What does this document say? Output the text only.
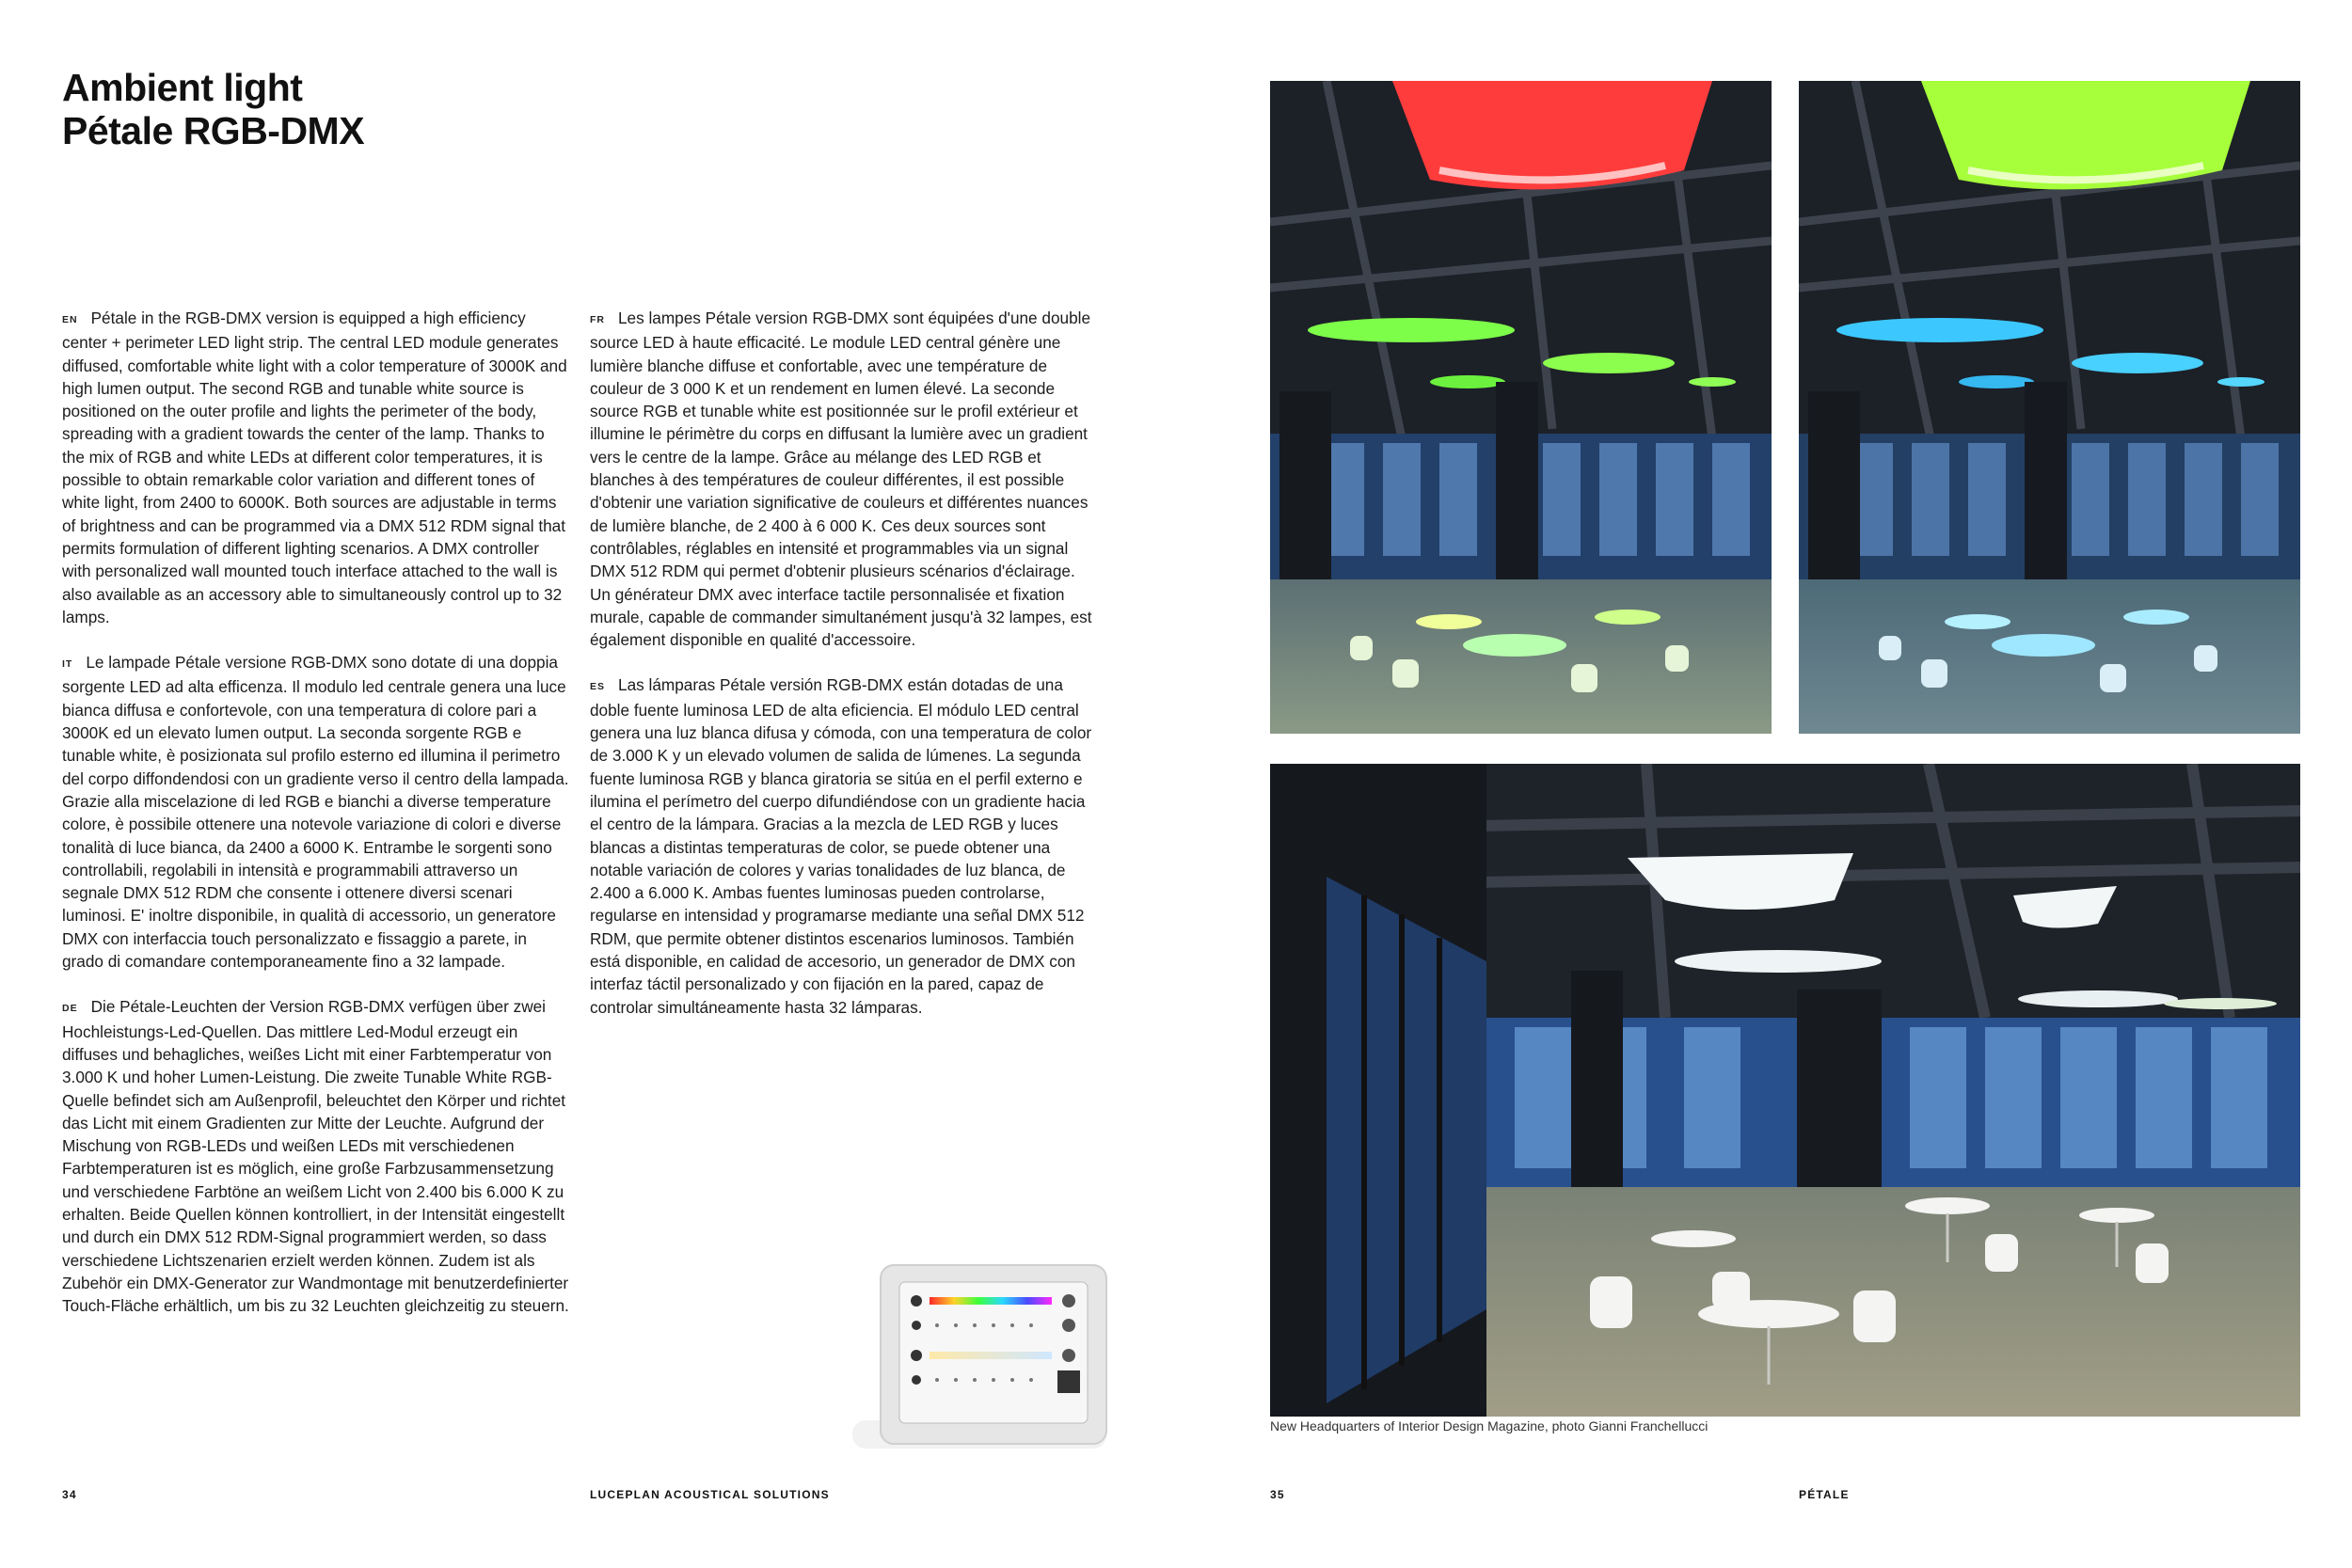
Ambient light
Pétale RGB-DMX

EN Pétale in the RGB-DMX version is equipped a high efficiency center + perimeter LED light strip. The central LED module generates diffused, comfortable white light with a color temperature of 3000K and high lumen output. The second RGB and tunable white source is positioned on the outer profile and lights the perimeter of the body, spreading with a gradient towards the center of the lamp. Thanks to the mix of RGB and white LEDs at different color temperatures, it is possible to obtain remarkable color variation and different tones of white light, from 2400 to 6000K. Both sources are adjustable in terms of brightness and can be programmed via a DMX 512 RDM signal that permits formulation of different lighting scenarios. A DMX controller with personalized wall mounted touch interface attached to the wall is also available as an accessory able to simultaneously control up to 32 lamps.

IT Le lampade Pétale versione RGB-DMX sono dotate di una doppia sorgente LED ad alta efficenza. Il modulo led centrale genera una luce bianca diffusa e confortevole, con una temperatura di colore pari a 3000K ed un elevato lumen output. La seconda sorgente RGB e tunable white, è posizionata sul profilo esterno ed illumina il perimetro del corpo diffondendosi con un gradiente verso il centro della lampada. Grazie alla miscelazione di led RGB e bianchi a diverse temperature colore, è possibile ottenere una notevole variazione di colori e diverse tonalità di luce bianca, da 2400 a 6000 K. Entrambe le sorgenti sono controllabili, regolabili in intensità e programmabili attraverso un segnale DMX 512 RDM che consente i ottenere diversi scenari luminosi. E' inoltre disponibile, in qualità di accessorio, un generatore DMX con interfaccia touch personalizzato e fissaggio a parete, in grado di comandare contemporaneamente fino a 32 lampade.

DE Die Pétale-Leuchten der Version RGB-DMX verfügen über zwei Hochleistungs-Led-Quellen. Das mittlere Led-Modul erzeugt ein diffuses und behagliches, weißes Licht mit einer Farbtemperatur von 3.000 K und hoher Lumen-Leistung. Die zweite Tunable White RGB-Quelle befindet sich am Außenprofil, beleuchtet den Körper und richtet das Licht mit einem Gradienten zur Mitte der Leuchte. Aufgrund der Mischung von RGB-LEDs und weißen LEDs mit verschiedenen Farbtemperaturen ist es möglich, eine große Farbzusammensetzung und verschiedene Farbtöne an weißem Licht von 2.400 bis 6.000 K zu erhalten. Beide Quellen können kontrolliert, in der Intensität eingestellt und durch ein DMX 512 RDM-Signal programmiert werden, so dass verschiedene Lichtszenarien erzielt werden können. Zudem ist als Zubehör ein DMX-Generator zur Wandmontage mit benutzerdefinierter Touch-Fläche erhältlich, um bis zu 32 Leuchten gleichzeitig zu steuern.

FR Les lampes Pétale version RGB-DMX sont équipées d'une double source LED à haute efficacité. Le module LED central génère une lumière blanche diffuse et confortable, avec une température de couleur de 3 000 K et un rendement en lumen élevé. La seconde source RGB et tunable white est positionnée sur le profil extérieur et illumine le périmètre du corps en diffusant la lumière avec un gradient vers le centre de la lampe. Grâce au mélange des LED RGB et blanches à des températures de couleur différentes, il est possible d'obtenir une variation significative de couleurs et différentes nuances de lumière blanche, de 2 400 à 6 000 K. Ces deux sources sont contrôlables, réglables en intensité et programmables via un signal DMX 512 RDM qui permet d'obtenir plusieurs scénarios d'éclairage. Un générateur DMX avec interface tactile personnalisée et fixation murale, capable de commander simultanément jusqu'à 32 lampes, est également disponible en qualité d'accessoire.

ES Las lámparas Pétale versión RGB-DMX están dotadas de una doble fuente luminosa LED de alta eficiencia. El módulo LED central genera una luz blanca difusa y cómoda, con una temperatura de color de 3.000 K y un elevado volumen de salida de lúmenes. La segunda fuente luminosa RGB y blanca giratoria se sitúa en el perfil externo e ilumina el perímetro del cuerpo difundiéndose con un gradiente hacia el centro de la lámpara. Gracias a la mezcla de LED RGB y luces blancas a distintas temperaturas de color, se puede obtener una notable variación de colores y varias tonalidades de luz blanca, de 2.400 a 6.000 K. Ambas fuentes luminosas pueden controlarse, regularse en intensidad y programarse mediante una señal DMX 512 RDM, que permite obtener distintos escenarios luminosos. También está disponible, en calidad de accesorio, un generador de DMX con interfaz táctil personalizado y con fijación en la pared, capaz de controlar simultáneamente hasta 32 lámparas.

New Headquarters of Interior Design Magazine, photo Gianni Franchellucci
34	LUCEPLAN ACOUSTICAL SOLUTIONS	35	PÉTALE
